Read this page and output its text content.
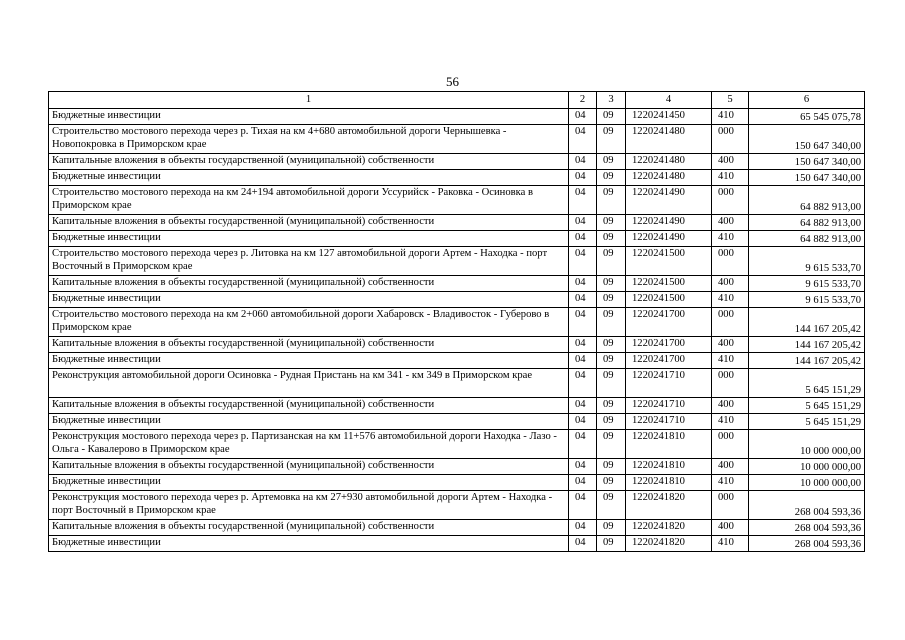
56
1	2	3	4	5	6
Бюджетные инвестиции	04	09	1220241450	410	65 545 075,78
Строительство мостового перехода через р. Тихая на км 4+680 автомобильной дороги Чернышевка - Новопокровка в Приморском крае	04	09	1220241480	000	150 647 340,00
Капитальные вложения в объекты государственной (муниципальной) собственности	04	09	1220241480	400	150 647 340,00
Бюджетные инвестиции	04	09	1220241480	410	150 647 340,00
Строительство мостового перехода на км 24+194 автомобильной дороги Уссурийск - Раковка - Осиновка в Приморском крае	04	09	1220241490	000	64 882 913,00
Капитальные вложения в объекты государственной (муниципальной) собственности	04	09	1220241490	400	64 882 913,00
Бюджетные инвестиции	04	09	1220241490	410	64 882 913,00
Строительство мостового перехода через р. Литовка на км 127 автомобильной дороги Артем - Находка - порт Восточный в Приморском крае	04	09	1220241500	000	9 615 533,70
Капитальные вложения в объекты государственной (муниципальной) собственности	04	09	1220241500	400	9 615 533,70
Бюджетные инвестиции	04	09	1220241500	410	9 615 533,70
Строительство мостового перехода на км 2+060 автомобильной дороги Хабаровск - Владивосток - Губерово в Приморском крае	04	09	1220241700	000	144 167 205,42
Капитальные вложения в объекты государственной (муниципальной) собственности	04	09	1220241700	400	144 167 205,42
Бюджетные инвестиции	04	09	1220241700	410	144 167 205,42
Реконструкция автомобильной дороги Осиновка - Рудная Пристань на км 341 - км 349 в Приморском крае	04	09	1220241710	000	5 645 151,29
Капитальные вложения в объекты государственной (муниципальной) собственности	04	09	1220241710	400	5 645 151,29
Бюджетные инвестиции	04	09	1220241710	410	5 645 151,29
Реконструкция мостового перехода через р. Партизанская на км 11+576 автомобильной дороги Находка - Лазо - Ольга - Кавалерово в Приморском крае	04	09	1220241810	000	10 000 000,00
Капитальные вложения в объекты государственной (муниципальной) собственности	04	09	1220241810	400	10 000 000,00
Бюджетные инвестиции	04	09	1220241810	410	10 000 000,00
Реконструкция мостового перехода через р. Артемовка на км 27+930 автомобильной дороги Артем - Находка - порт Восточный в Приморском крае	04	09	1220241820	000	268 004 593,36
Капитальные вложения в объекты государственной (муниципальной) собственности	04	09	1220241820	400	268 004 593,36
Бюджетные инвестиции	04	09	1220241820	410	268 004 593,36
